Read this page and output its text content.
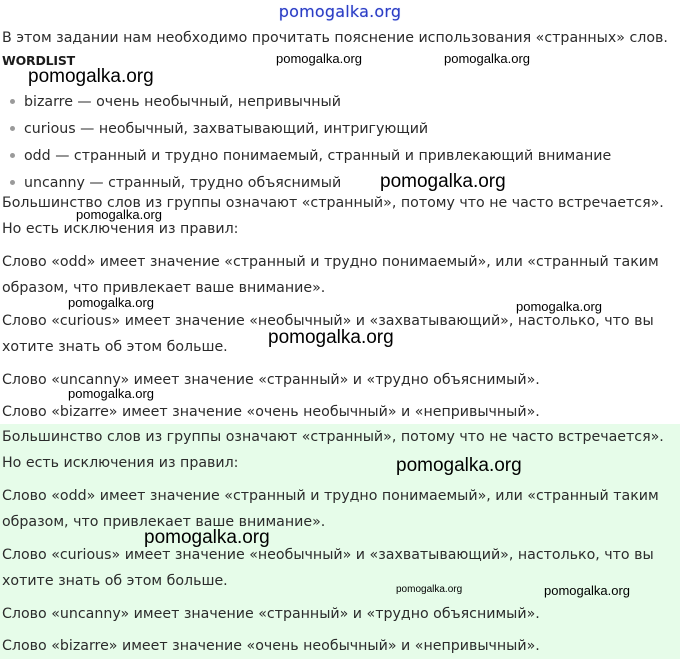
pomogalka.org
В этом задании нам необходимо прочитать пояснение использования «странных» слов.
WORDLIST
bizarre — очень необычный, непривычный
curious — необычный, захватывающий, интригующий
odd — странный и трудно понимаемый, странный и привлекающий внимание
uncanny — странный, трудно объяснимый

Большинство слов из группы означают «странный», потому что не часто встречается». Но есть исключения из правил:

Слово «odd» имеет значение «странный и трудно понимаемый», или «странный таким образом, что привлекает ваше внимание».

Слово «curious» имеет значение «необычный» и «захватывающий», настолько, что вы хотите знать об этом больше.

Слово «uncanny» имеет значение «странный» и «трудно объяснимый».

Слово «bizarre» имеет значение «очень необычный» и «непривычный».

Большинство слов из группы означают «странный», потому что не часто встречается». Но есть исключения из правил:

Слово «odd» имеет значение «странный и трудно понимаемый», или «странный таким образом, что привлекает ваше внимание».

Слово «curious» имеет значение «необычный» и «захватывающий», настолько, что вы хотите знать об этом больше.

Слово «uncanny» имеет значение «странный» и «трудно объяснимый».

Слово «bizarre» имеет значение «очень необычный» и «непривычный».

pomogalka.org	pomogalka.org
pomogalka.org
pomogalka.org
pomogalka.org
pomogalka.org	pomogalka.org
pomogalka.org
pomogalka.org
pomogalka.org
pomogalka.org
pomogalka.org	pomogalka.org
